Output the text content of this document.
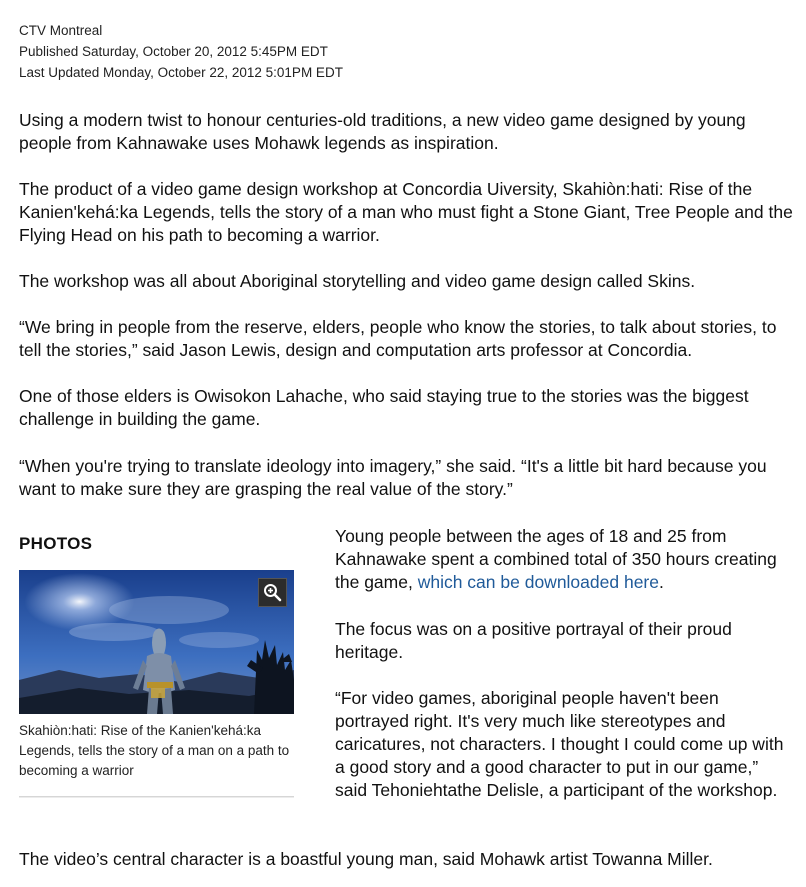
CTV Montreal
Published Saturday, October 20, 2012 5:45PM EDT
Last Updated Monday, October 22, 2012 5:01PM EDT

Using a modern twist to honour centuries-old traditions, a new video game designed by young people from Kahnawake uses Mohawk legends as inspiration.

The product of a video game design workshop at Concordia Uiversity, Skahiòn:hati: Rise of the Kanien'kehá:ka Legends, tells the story of a man who must fight a Stone Giant, Tree People and the Flying Head on his path to becoming a warrior.

The workshop was all about Aboriginal storytelling and video game design called Skins.

“We bring in people from the reserve, elders, people who know the stories, to talk about stories, to tell the stories,” said Jason Lewis, design and computation arts professor at Concordia.

One of those elders is Owisokon Lahache, who said staying true to the stories was the biggest challenge in building the game.

“When you're trying to translate ideology into imagery,” she said. “It's a little bit hard because you want to make sure they are grasping the real value of the story.”

PHOTOS
Skahiòn:hati: Rise of the Kanien'kehá:ka Legends, tells the story of a man on a path to becoming a warrior

Young people between the ages of 18 and 25 from Kahnawake spent a combined total of 350 hours creating the game, which can be downloaded here.

The focus was on a positive portrayal of their proud heritage.

“For video games, aboriginal people haven't been portrayed right. It's very much like stereotypes and caricatures, not characters. I thought I could come up with a good story and a good character to put in our game,” said Tehoniehtathe Delisle, a participant of the workshop.

The video’s central character is a boastful young man, said Mohawk artist Towanna Miller.
